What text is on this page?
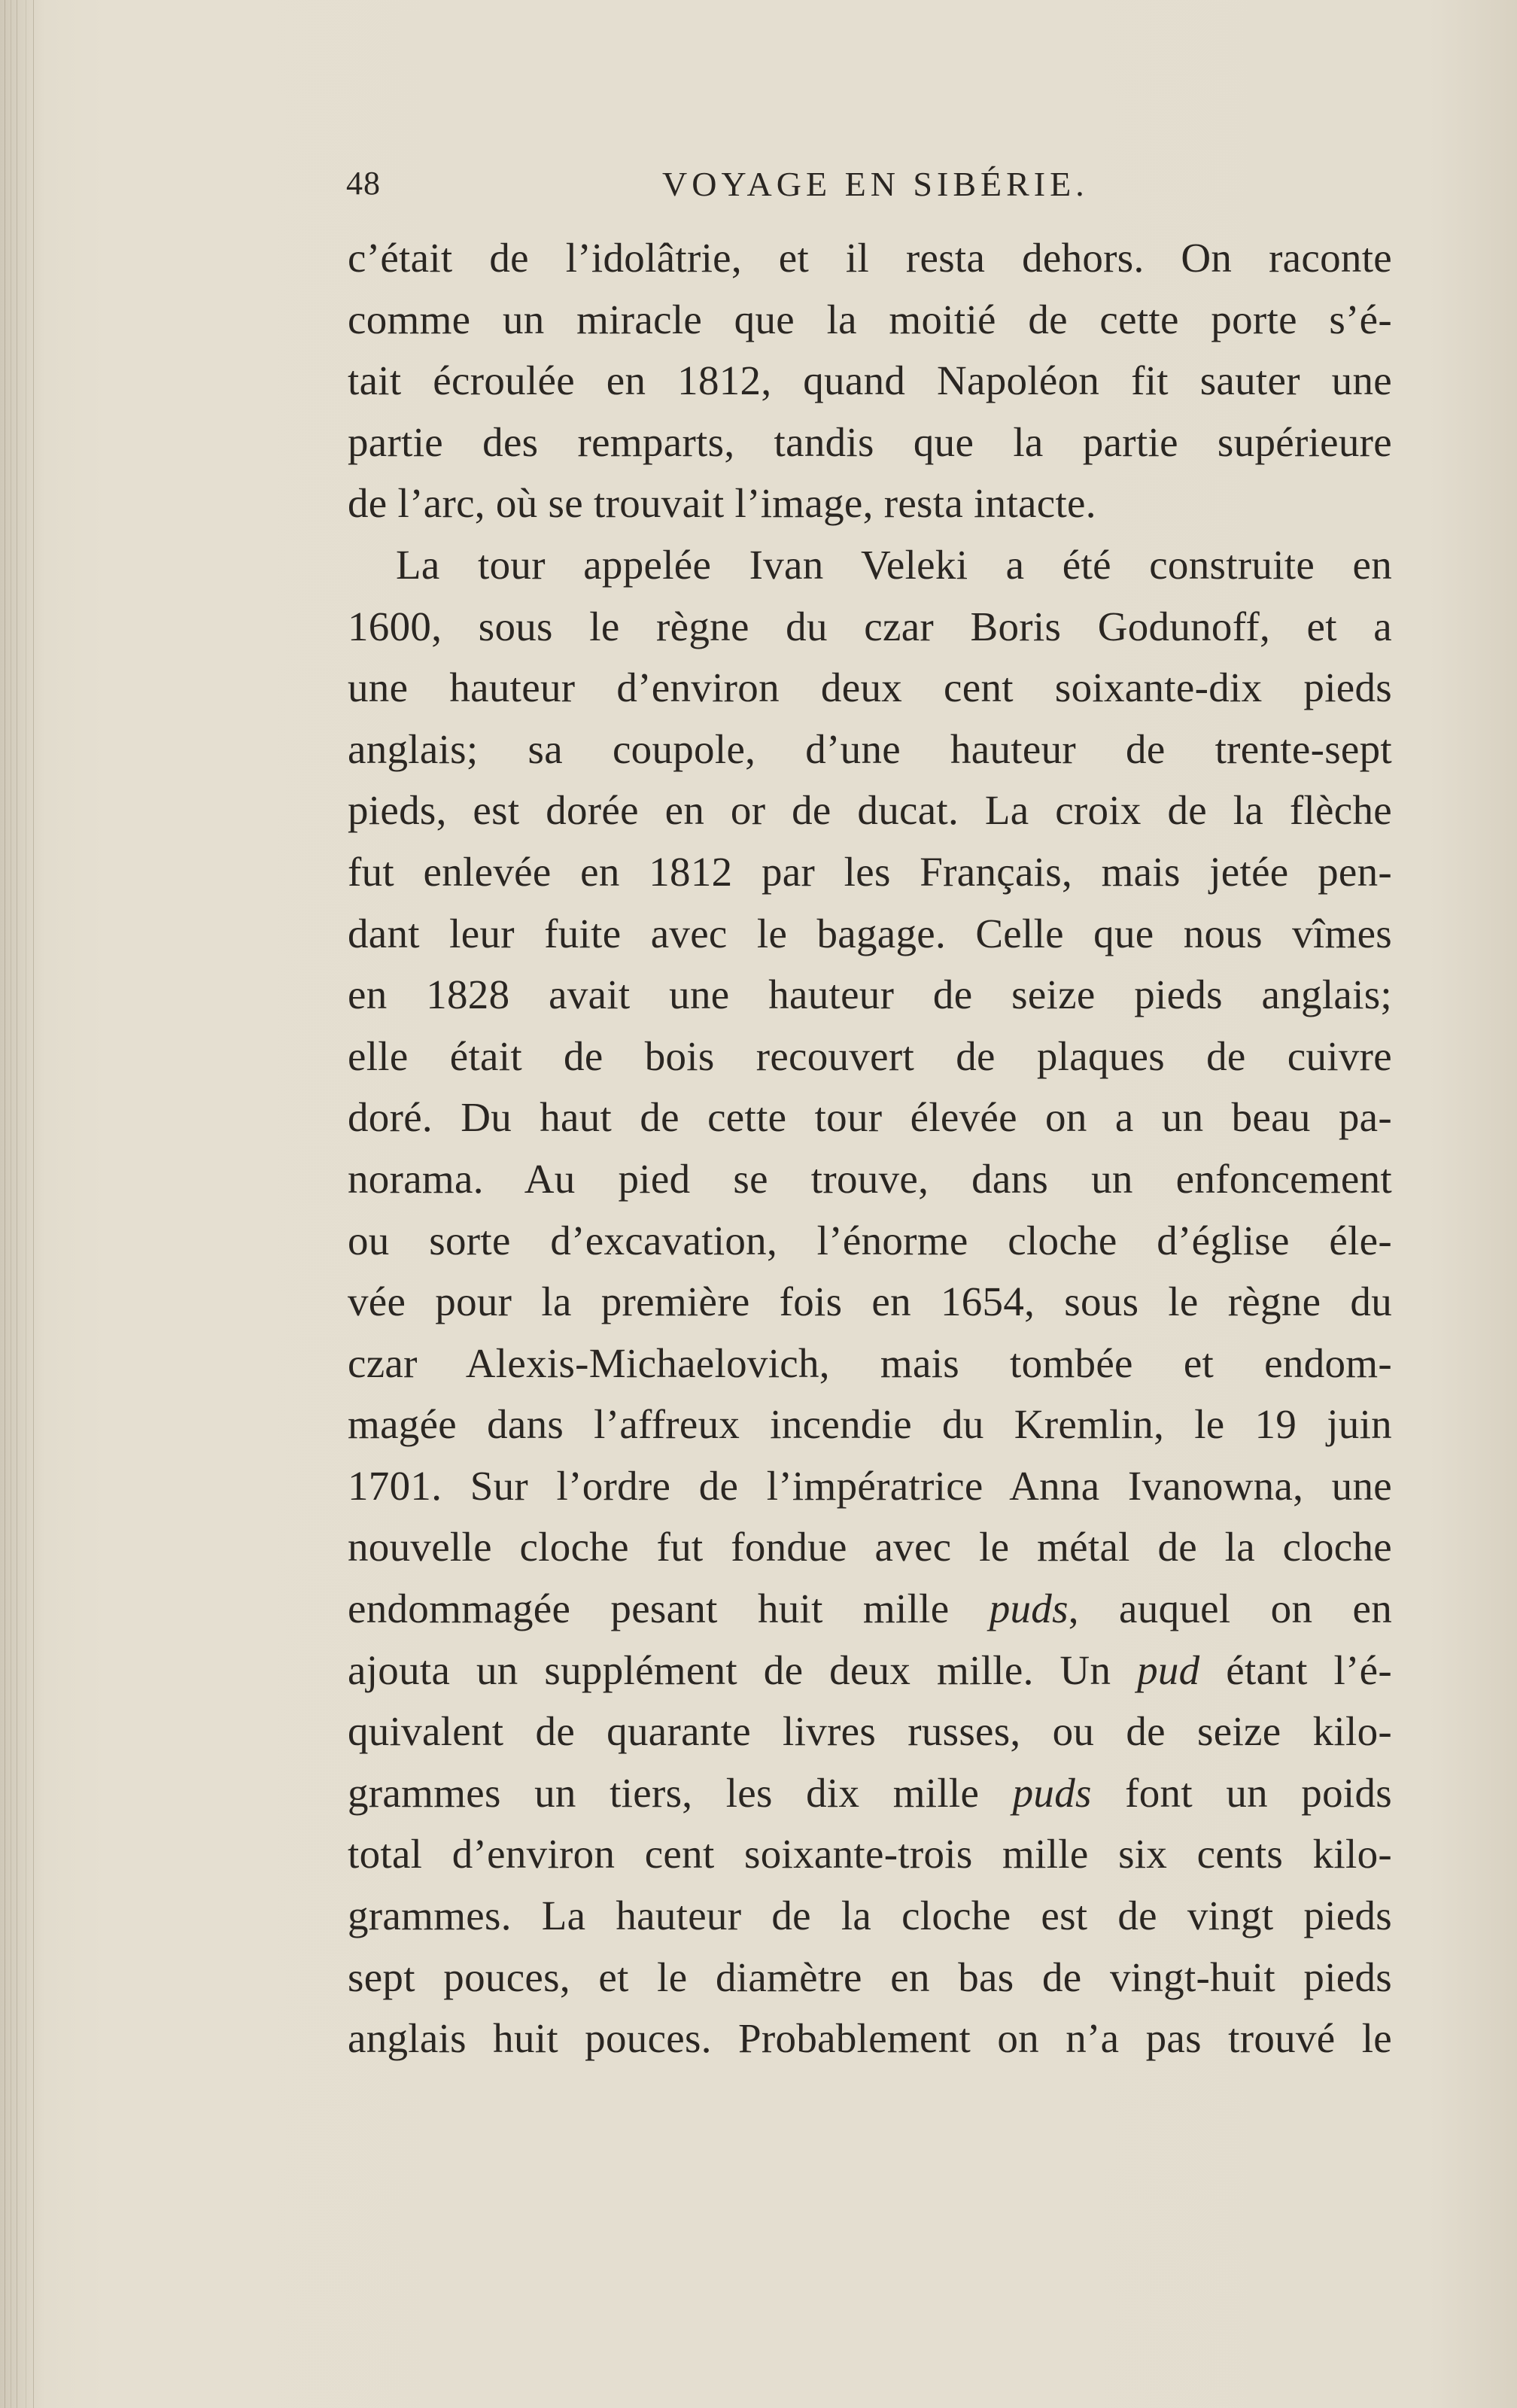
48	VOYAGE EN SIBÉRIE.
c’était de l’idolâtrie, et il resta dehors. On raconte
comme un miracle que la moitié de cette porte s’é-
tait écroulée en 1812, quand Napoléon fit sauter une
partie des remparts, tandis que la partie supérieure
de l’arc, où se trouvait l’image, resta intacte.
La tour appelée Ivan Veleki a été construite en
1600, sous le règne du czar Boris Godunoff, et a
une hauteur d’environ deux cent soixante-dix pieds
anglais; sa coupole, d’une hauteur de trente-sept
pieds, est dorée en or de ducat. La croix de la flèche
fut enlevée en 1812 par les Français, mais jetée pen-
dant leur fuite avec le bagage. Celle que nous vîmes
en 1828 avait une hauteur de seize pieds anglais;
elle était de bois recouvert de plaques de cuivre
doré. Du haut de cette tour élevée on a un beau pa-
norama. Au pied se trouve, dans un enfoncement
ou sorte d’excavation, l’énorme cloche d’église éle-
vée pour la première fois en 1654, sous le règne du
czar Alexis-Michaelovich, mais tombée et endom-
magée dans l’affreux incendie du Kremlin, le 19 juin
1701. Sur l’ordre de l’impératrice Anna Ivanowna, une
nouvelle cloche fut fondue avec le métal de la cloche
endommagée pesant huit mille puds, auquel on en
ajouta un supplément de deux mille. Un pud étant l’é-
quivalent de quarante livres russes, ou de seize kilo-
grammes un tiers, les dix mille puds font un poids
total d’environ cent soixante-trois mille six cents kilo-
grammes. La hauteur de la cloche est de vingt pieds
sept pouces, et le diamètre en bas de vingt-huit pieds
anglais huit pouces. Probablement on n’a pas trouvé le
